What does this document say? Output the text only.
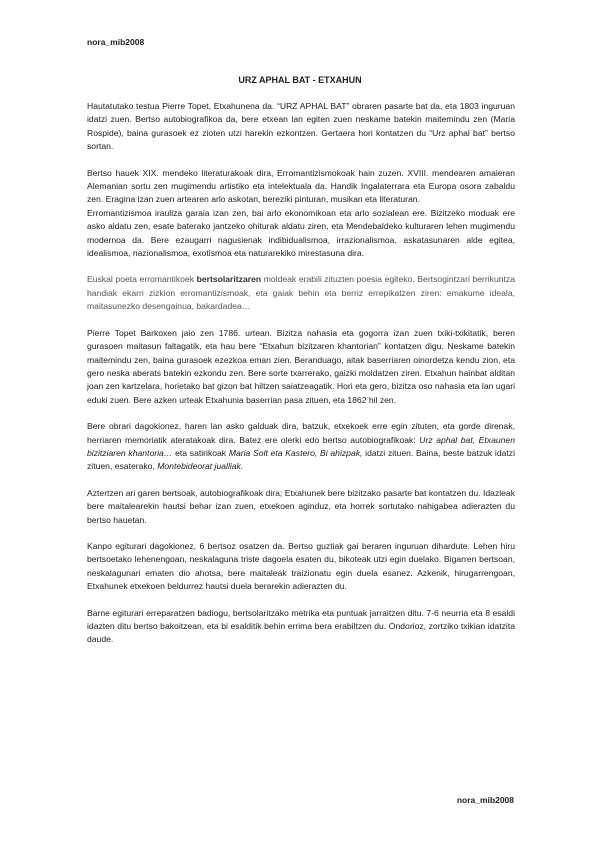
nora_mib2008
URZ APHAL BAT - ETXAHUN

Hautatutako testua Pierre Topet, Etxahunena da. “URZ APHAL BAT” obraren pasarte bat da, eta 1803 inguruan idatzi zuen. Bertso autobiografikoa da, bere etxean lan egiten zuen neskame batekin maitemindu zen (Maria Rospide), baina gurasoek ez zioten utzi harekin ezkontzen. Gertaera hori kontatzen du “Urz aphal bat” bertso sortan.

Bertso hauek XIX. mendeko literaturakoak dira, Erromantizismokoak hain zuzen. XVIII. mendearen amaieran Alemanian sortu zen mugimendu artistiko eta intelektuala da. Handik Ingalaterrara eta Europa osora zabaldu zen. Eragina izan zuen artearen arlo askotan, bereziki pinturan, musikan eta literaturan.

Erromantizismoa irauliza garaia izan zen, bai arlo ekonomikoan eta arlo sozialean ere. Bizitzeko moduak ere asko aldatu zen, esate baterako jantzeko ohiturak aldatu ziren, eta Mendebaldeko kulturaren lehen mugimendu modernoa da. Bere ezaugarri nagusienak indibidualismoa, irrazionalismoa, askatasunaren alde egitea, idealismoa, nazionalismoa, exotismoa eta naturarekiko mirestasuna dira.

Euskal poeta erromantikoek bertsolaritzaren moldeak erabili zituzten poesia egiteko. Bertsogintzari berrikuntza handiak ekarri zizkion erromantizismoak, eta gaiak behin eta berriz errepikatzen ziren: emakume ideala, maitasunezko desengainua, bakardadea…

Pierre Topet Barkoxen jaio zen 1786. urtean. Bizitza nahasia eta gogorra izan zuen txiki-txikitatik, beren gurasoen maitasun faltagatik, eta hau bere “Etxahun bizitzaren khantorian” kontatzen digu. Neskame batekin maitemindu zen, baina gurasoek ezezkoa eman zien. Beranduago, aitak baserriaren oinordetza kendu zion, eta gero neska aberats batekin ezkondu zen. Bere sorte txarrerako, gaizki moldatzen ziren. Etxahun hainbat alditan joan zen kartzelara, horietako bat gizon bat hiltzen saiatzeagatik. Hori eta gero, bizitza oso nahasia eta lan ugari eduki zuen. Bere azken urteak Etxahunia baserrian pasa zituen, eta 1862 hil zen.

Bere obrari dagokionez, haren lan asko galduak dira, batzuk, etxekoek erre egin zituten, eta gorde direnak, herriaren memoriatik ateratakoak dira. Batez ere olerki edo bertso autobiografikoak: Urz aphal bat, Etxaunen bizitziaren khantoria… eta satirikoak Maria Solt eta Kastero, Bi ahizpak, idatzi zituen. Baina, beste batzuk idatzi zituen, esaterako, Montebideorat jualliak.

Aztertzen ari garen bertsoak, autobiografikoak dira; Etxahunek bere bizitzako pasarte bat kontatzen du. Idazleak bere maitalearekin hautsi behar izan zuen, etxekoen aginduz, eta horrek sortutako nahigabea adierazten du bertso hauetan.

Kanpo egiturari dagokionez, 6 bertsoz osatzen da. Bertso guztiak gai beraren inguruan dihardute. Lehen hiru bertsoetako lehenengoan, neskalaguna triste dagoela esaten du, bikoteak utzi egin duelako. Bigarren bertsoan, neskalagunari ematen dio ahotsa, bere maitaleak traizionatu egin duela esanez. Azkenik, hirugarrengoan, Etxahunek etxekoen beldurrez hautsi duela berarekin adierazten du.

Barne egiturari erreparatzen badiogu, bertsolaritzako metrika eta puntuak jarraitzen ditu. 7-6 neurria eta 8 esaldi idazten ditu bertso bakoitzean, eta bi esalditik behin errima bera erabiltzen du. Ondorioz, zortziko txikian idatzita daude.

nora_mib2008
